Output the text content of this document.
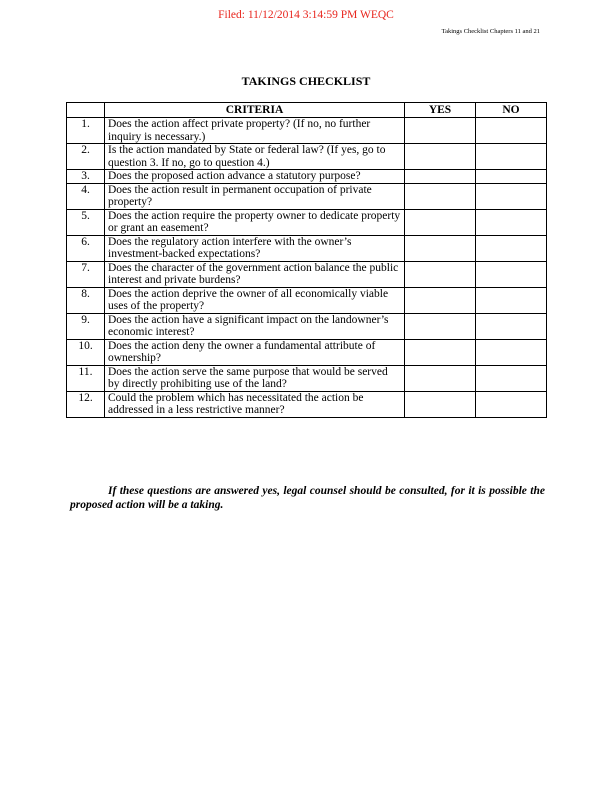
Filed: 11/12/2014 3:14:59 PM WEQC
Takings Checklist Chapters 11 and 21
TAKINGS CHECKLIST
	CRITERIA	YES	NO
1.	Does the action affect private property? (If no, no further inquiry is necessary.)		
2.	Is the action mandated by State or federal law? (If yes, go to question 3. If no, go to question 4.)		
3.	Does the proposed action advance a statutory purpose?		
4.	Does the action result in permanent occupation of private property?		
5.	Does the action require the property owner to dedicate property or grant an easement?		
6.	Does the regulatory action interfere with the owner’s investment-backed expectations?		
7.	Does the character of the government action balance the public interest and private burdens?		
8.	Does the action deprive the owner of all economically viable uses of the property?		
9.	Does the action have a significant impact on the landowner’s economic interest?		
10.	Does the action deny the owner a fundamental attribute of ownership?		
11.	Does the action serve the same purpose that would be served by directly prohibiting use of the land?		
12.	Could the problem which has necessitated the action be addressed in a less restrictive manner?		
If these questions are answered yes, legal counsel should be consulted, for it is possible the proposed action will be a taking.
